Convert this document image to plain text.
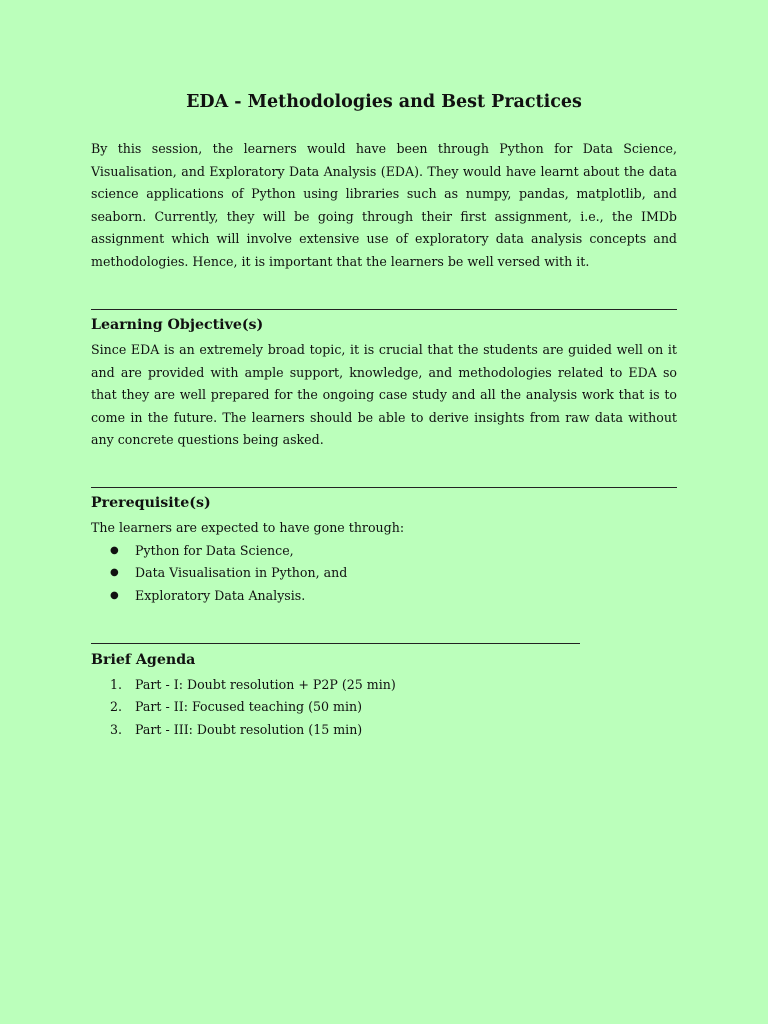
EDA - Methodologies and Best Practices

By this session, the learners would have been through Python for Data Science, Visualisation, and Exploratory Data Analysis (EDA). They would have learnt about the data science applications of Python using libraries such as numpy, pandas, matplotlib, and seaborn. Currently, they will be going through their first assignment, i.e., the IMDb assignment which will involve extensive use of exploratory data analysis concepts and methodologies. Hence, it is important that the learners be well versed with it.

Learning Objective(s)

Since EDA is an extremely broad topic, it is crucial that the students are guided well on it and are provided with ample support, knowledge, and methodologies related to EDA so that they are well prepared for the ongoing case study and all the analysis work that is to come in the future. The learners should be able to derive insights from raw data without any concrete questions being asked.

Prerequisite(s)

The learners are expected to have gone through:

● Python for Data Science,
● Data Visualisation in Python, and
● Exploratory Data Analysis.
Brief Agenda
1. Part - I: Doubt resolution + P2P (25 min)
2. Part - II: Focused teaching (50 min)
3. Part - III: Doubt resolution (15 min)
